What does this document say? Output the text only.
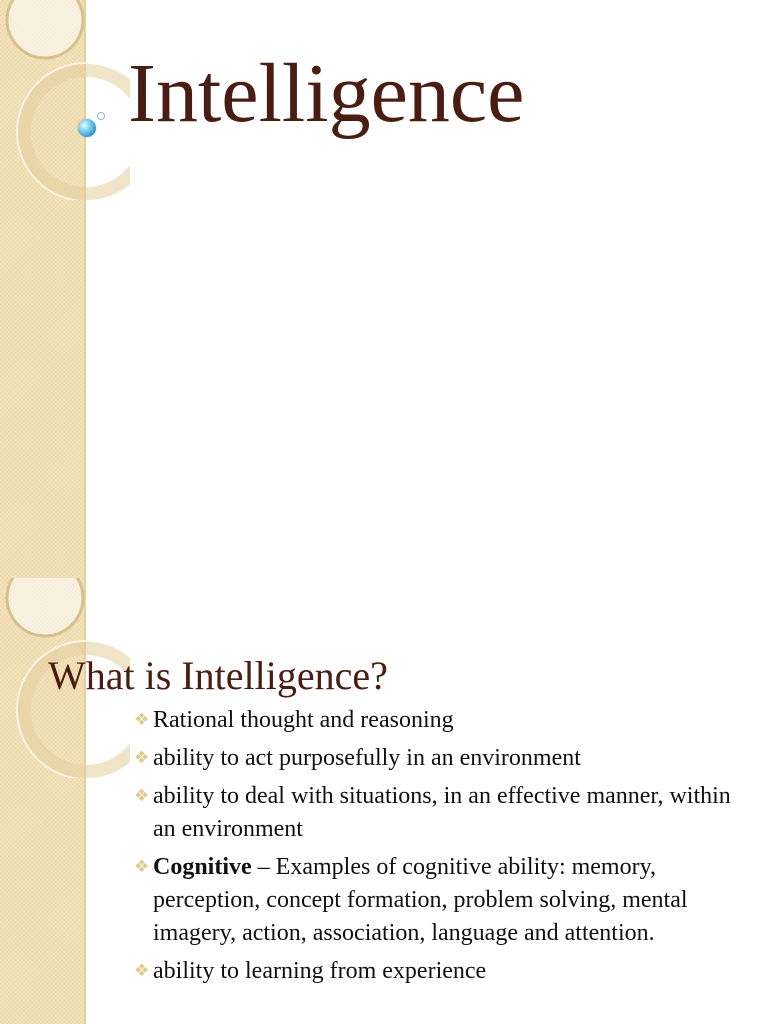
Intelligence
What is Intelligence?
❖ Rational thought and reasoning
❖ ability to act purposefully in an environment
❖ ability to deal with situations, in an effective manner, within an environment
❖ Cognitive – Examples of cognitive ability: memory, perception, concept formation, problem solving, mental imagery, action, association, language and attention.
❖ ability to learning from experience
